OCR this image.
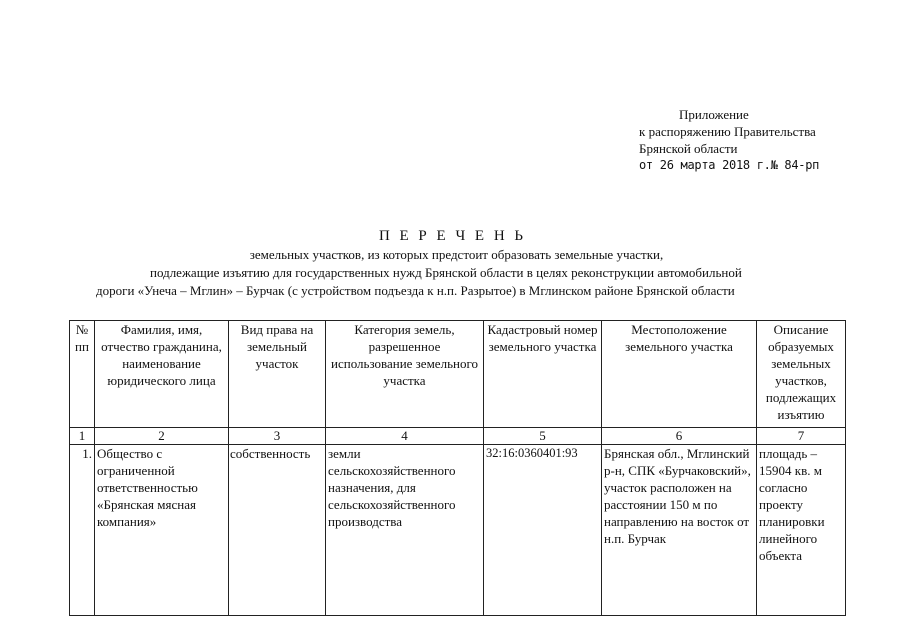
Приложение
к распоряжению Правительства
Брянской области
от 26 марта 2018 г.№ 84-рп
П Е Р Е Ч Е Н Ь
земельных участков, из которых предстоит образовать земельные участки,
подлежащие изъятию для государственных нужд Брянской области в целях реконструкции автомобильной
дороги «Унеча – Мглин» – Бурчак (с устройством подъезда к н.п. Разрытое) в Мглинском районе Брянской области
№ пп	Фамилия, имя, отчество гражданина, наименование юридического лица	Вид права на земельный участок	Категория земель, разрешенное использование земельного участка	Кадастровый номер земельного участка	Местоположение земельного участка	Описание образуемых земельных участков, подлежащих изъятию
1	2	3	4	5	6	7
1.	Общество с ограниченной ответственностью «Брянская мясная компания»	собственность	земли сельскохозяйственного назначения, для сельскохозяйственного производства	32:16:0360401:93	Брянская обл., Мглинский р-н, СПК «Бурчаковский», участок расположен на расстоянии 150 м по направлению на восток от н.п. Бурчак	площадь – 15904 кв. м согласно проекту планировки линейного объекта
